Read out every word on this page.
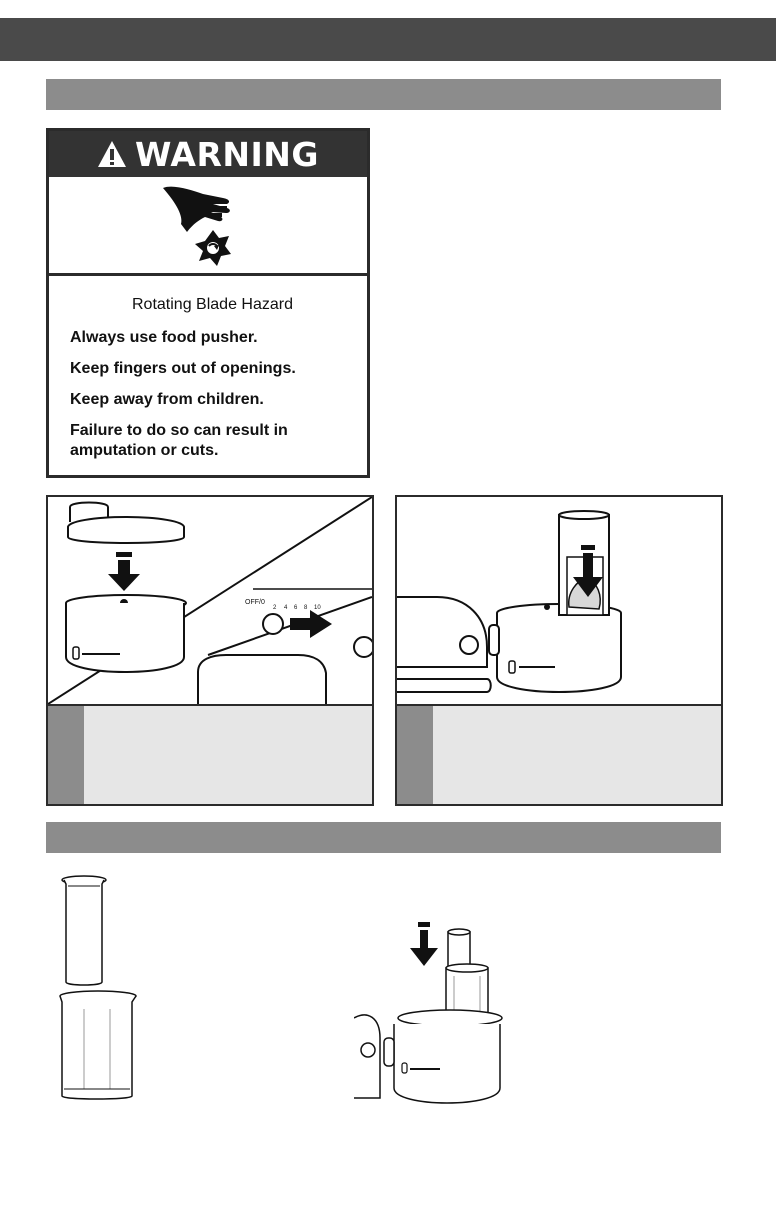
WARNING
Rotating Blade Hazard
Always use food pusher.
Keep fingers out of openings.
Keep away from children.
Failure to do so can result in amputation or cuts.
OFF/0
2 4 6 8 10
